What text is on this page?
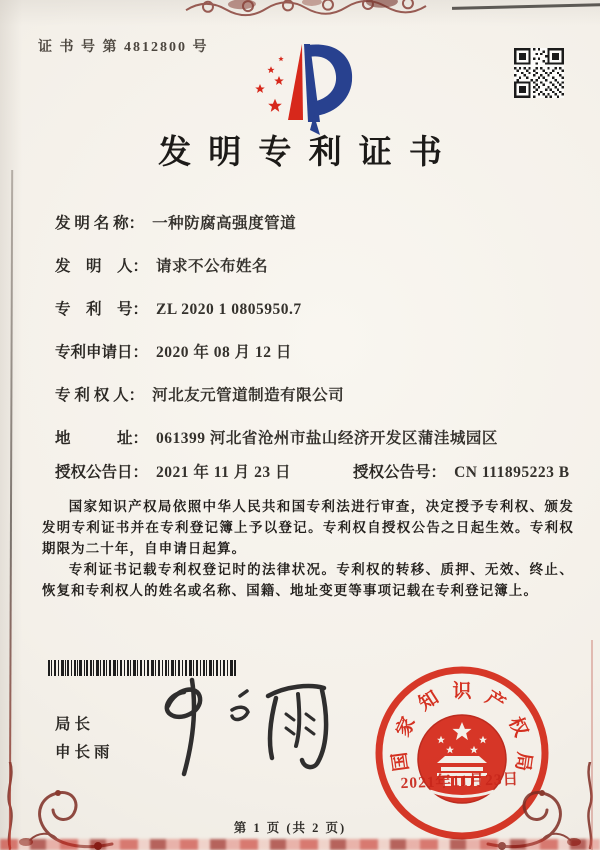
证 书 号 第 4812800 号
发明专利证书
发 明 名 称： 一种防腐高强度管道
发　明　人： 请求不公布姓名
专　利　号： ZL 2020 1 0805950.7
专利申请日： 2020 年 08 月 12 日
专 利 权 人： 河北友元管道制造有限公司
地　　　址： 061399 河北省沧州市盐山经济开发区蒲洼城园区
授权公告日： 2021 年 11 月 23 日	授权公告号： CN 111895223 B

国家知识产权局依照中华人民共和国专利法进行审查，决定授予专利权、颁发发明专利证书并在专利登记簿上予以登记。专利权自授权公告之日起生效。专利权期限为二十年，自申请日起算。

专利证书记载专利权登记时的法律状况。专利权的转移、质押、无效、终止、恢复和专利权人的姓名或名称、国籍、地址变更等事项记载在专利登记簿上。

局长
申长雨	国
家
知 识 产
权
局
2021年11月23日
第 1 页 (共 2 页)
